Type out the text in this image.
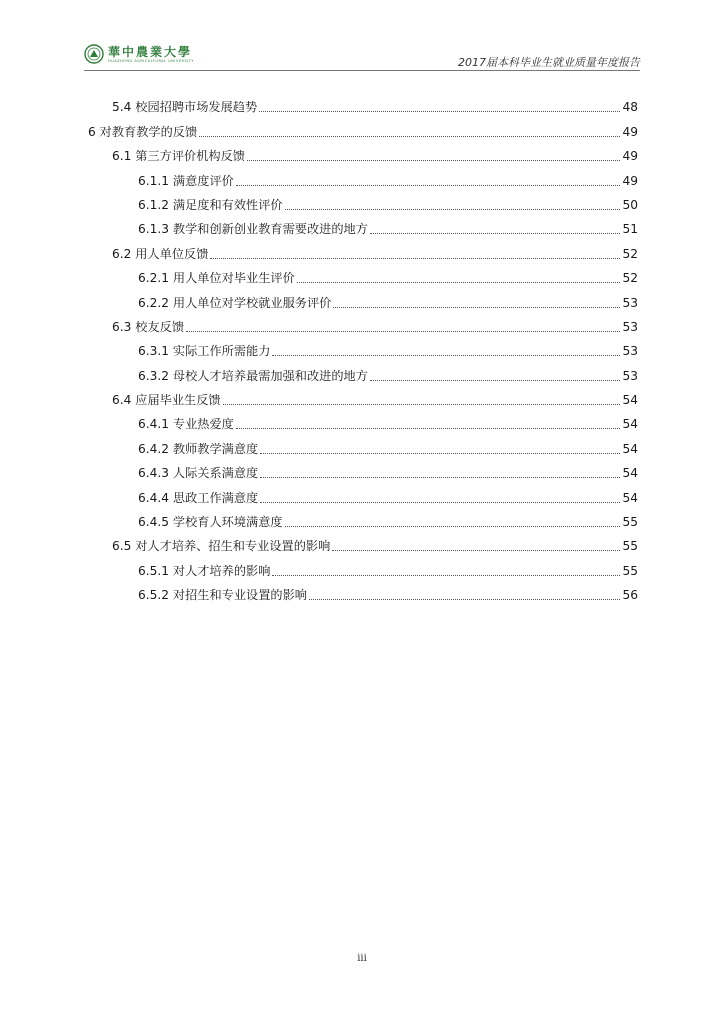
華中農業大學
HUAZHONG AGRICULTURAL UNIVERSITY	2017届本科毕业生就业质量年度报告
5.4 校园招聘市场发展趋势	48
6 对教育教学的反馈	49
6.1 第三方评价机构反馈	49
6.1.1 满意度评价	49
6.1.2 满足度和有效性评价	50
6.1.3 教学和创新创业教育需要改进的地方	51
6.2 用人单位反馈	52
6.2.1 用人单位对毕业生评价	52
6.2.2 用人单位对学校就业服务评价	53
6.3 校友反馈	53
6.3.1 实际工作所需能力	53
6.3.2 母校人才培养最需加强和改进的地方	53
6.4 应届毕业生反馈	54
6.4.1 专业热爱度	54
6.4.2 教师教学满意度	54
6.4.3 人际关系满意度	54
6.4.4 思政工作满意度	54
6.4.5 学校育人环境满意度	55
6.5 对人才培养、招生和专业设置的影响	55
6.5.1 对人才培养的影响	55
6.5.2 对招生和专业设置的影响	56
iii
